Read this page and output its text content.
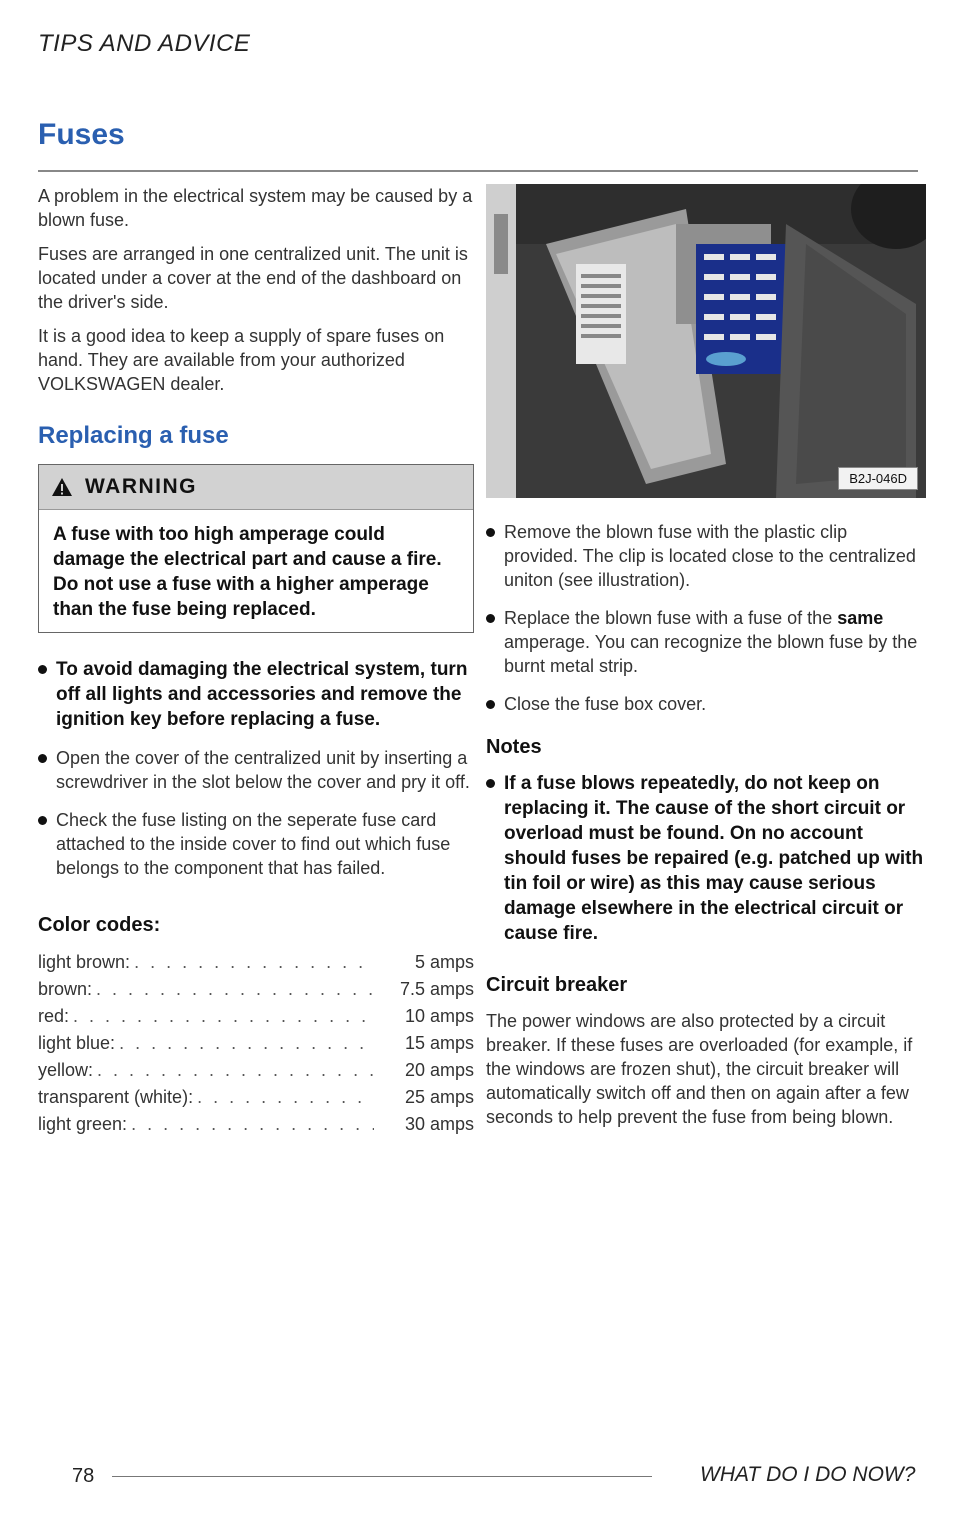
TIPS AND ADVICE
Fuses

A problem in the electrical system may be caused by a blown fuse.

Fuses are arranged in one centralized unit. The unit is located under a cover at the end of the dashboard on the driver's side.

It is a good idea to keep a supply of spare fuses on hand. They are available from your authorized VOLKSWAGEN dealer.

Replacing a fuse
WARNING
A fuse with too high amperage could damage the electrical part and cause a fire. Do not use a fuse with a higher amperage than the fuse being replaced.
To avoid damaging the electrical system, turn off all lights and accessories and remove the ignition key before replacing a fuse.
Open the cover of the centralized unit by inserting a screwdriver in the slot below the cover and pry it off.
Check the fuse listing on the seperate fuse card attached to the inside cover to find out which fuse belongs to the component that has failed.
Color codes:
light brown: . . .	5 amps
brown: . . .	7.5 amps
red: . . .	10 amps
light blue: . . .	15 amps
yellow: . . .	20 amps
transparent (white): . . .	25 amps
light green: . . .	30 amps
B2J-046D
Remove the blown fuse with the plastic clip provided. The clip is located close to the centralized uniton (see illustration).
Replace the blown fuse with a fuse of the same amperage. You can recognize the blown fuse by the burnt metal strip.
Close the fuse box cover.
Notes
If a fuse blows repeatedly, do not keep on replacing it. The cause of the short circuit or overload must be found. On no account should fuses be repaired (e.g. patched up with tin foil or wire) as this may cause serious damage elsewhere in the electrical circuit or cause fire.
Circuit breaker

The power windows are also protected by a circuit breaker. If these fuses are overloaded (for example, if the windows are frozen shut), the circuit breaker will automatically switch off and then on again after a few seconds to help prevent the fuse from being blown.

78	WHAT DO I DO NOW?
